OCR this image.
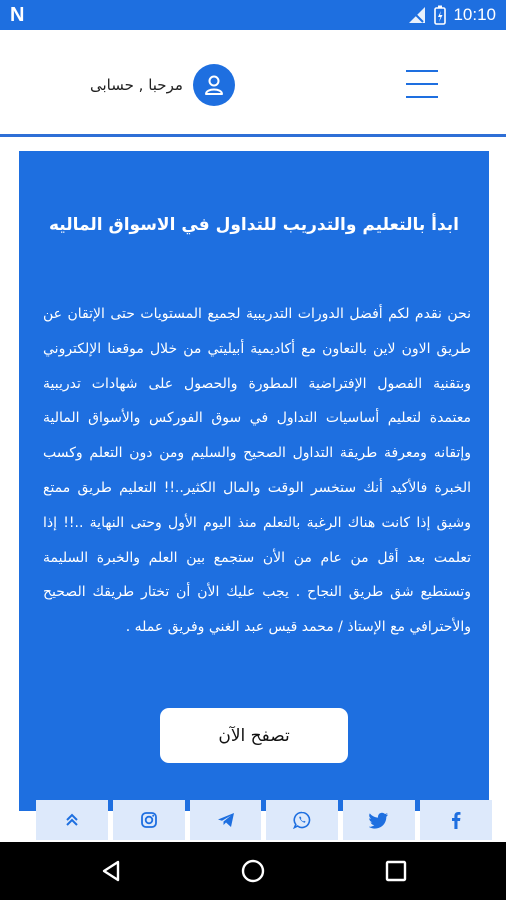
N	10:10
مرحبا , حسابى
ابدأ بالتعليم والتدريب للتداول في الاسواق الماليه
نحن نقدم لكم أفضل الدورات التدريبية لجميع المستويات حتى الإتقان عن طريق الاون لاين بالتعاون مع أكاديمية أبيليتي من خلال موقعنا الإلكتروني وبتقنية الفصول الإفتراضية المطورة والحصول على شهادات تدريبية معتمدة لتعليم أساسيات التداول في سوق الفوركس والأسواق المالية وإتقانه ومعرفة طريقة التداول الصحيح والسليم ومن دون التعلم وكسب الخبرة فالأكيد أنك ستخسر الوقت والمال الكثير..!! التعليم طريق ممتع وشيق إذا كانت هناك الرغبة بالتعلم منذ اليوم الأول وحتى النهاية ..!! إذا تعلمت بعد أقل من عام من الأن ستجمع بين العلم والخبرة السليمة وتستطيع شق طريق النجاح . يجب عليك الأن أن تختار طريقك الصحيح والأحترافي مع الإستاذ / محمد قيس عبد الغني وفريق عمله .
تصفح الآن
